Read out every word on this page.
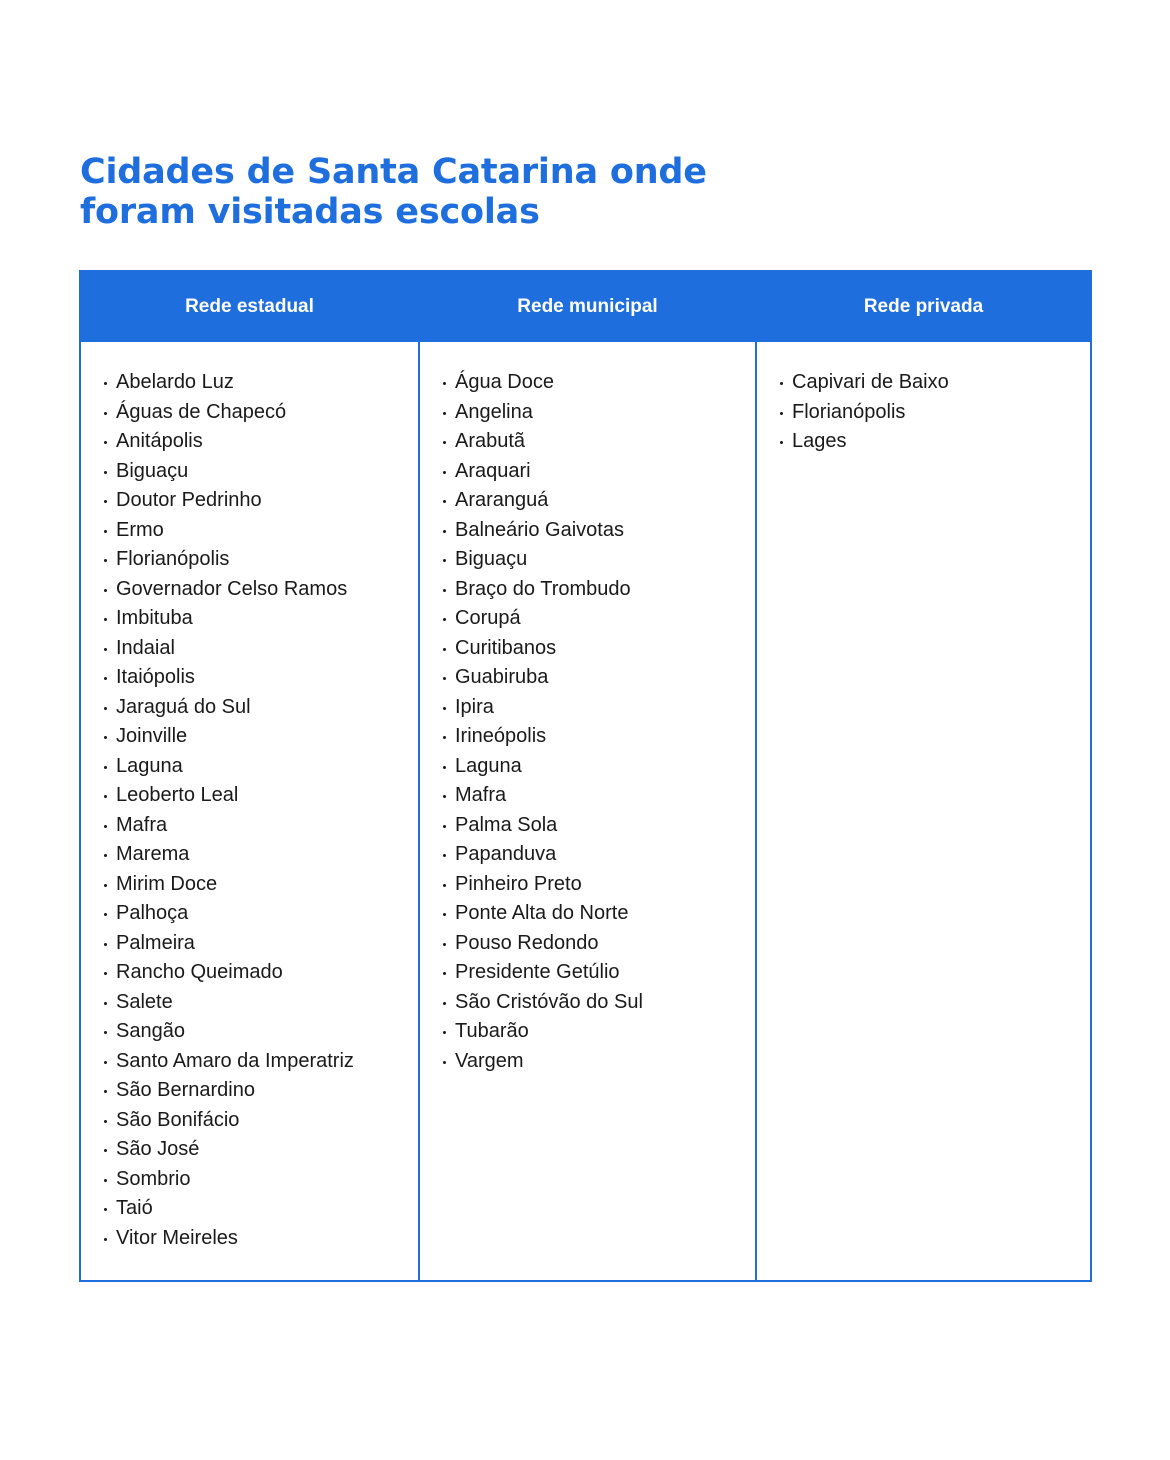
Cidades de Santa Catarina onde
foram visitadas escolas
Rede estadual
Abelardo Luz
Águas de Chapecó
Anitápolis
Biguaçu
Doutor Pedrinho
Ermo
Florianópolis
Governador Celso Ramos
Imbituba
Indaial
Itaiópolis
Jaraguá do Sul
Joinville
Laguna
Leoberto Leal
Mafra
Marema
Mirim Doce
Palhoça
Palmeira
Rancho Queimado
Salete
Sangão
Santo Amaro da Imperatriz
São Bernardino
São Bonifácio
São José
Sombrio
Taió
Vitor Meireles
Rede municipal
Água Doce
Angelina
Arabutã
Araquari
Araranguá
Balneário Gaivotas
Biguaçu
Braço do Trombudo
Corupá
Curitibanos
Guabiruba
Ipira
Irineópolis
Laguna
Mafra
Palma Sola
Papanduva
Pinheiro Preto
Ponte Alta do Norte
Pouso Redondo
Presidente Getúlio
São Cristóvão do Sul
Tubarão
Vargem
Rede privada
Capivari de Baixo
Florianópolis
Lages
